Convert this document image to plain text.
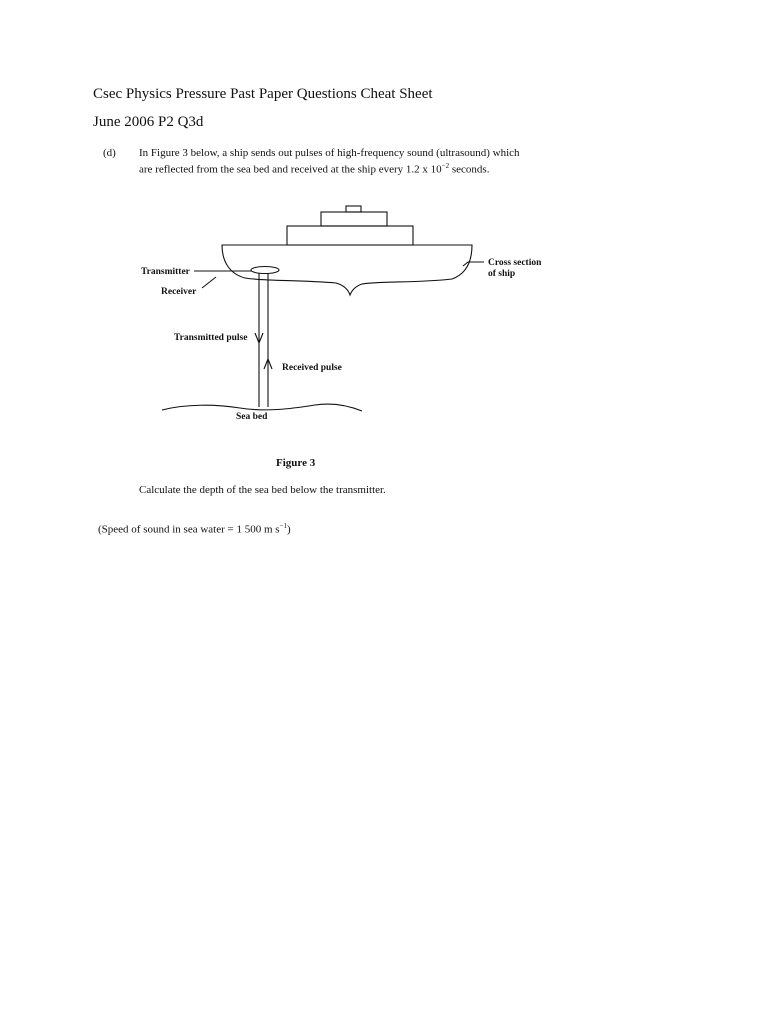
Csec Physics Pressure Past Paper Questions Cheat Sheet
June 2006 P2 Q3d
(d) In Figure 3 below, a ship sends out pulses of high-frequency sound (ultrasound) which
are reflected from the sea bed and received at the ship every 1.2 x $10^{-2}$ seconds.
Transmitter
Receiver
Transmitted pulse
Received pulse
Sea bed
Cross section
of ship
Figure 3
Calculate the depth of the sea bed below the transmitter.
(Speed of sound in sea water = 1 500 m $s^{-1}$)
